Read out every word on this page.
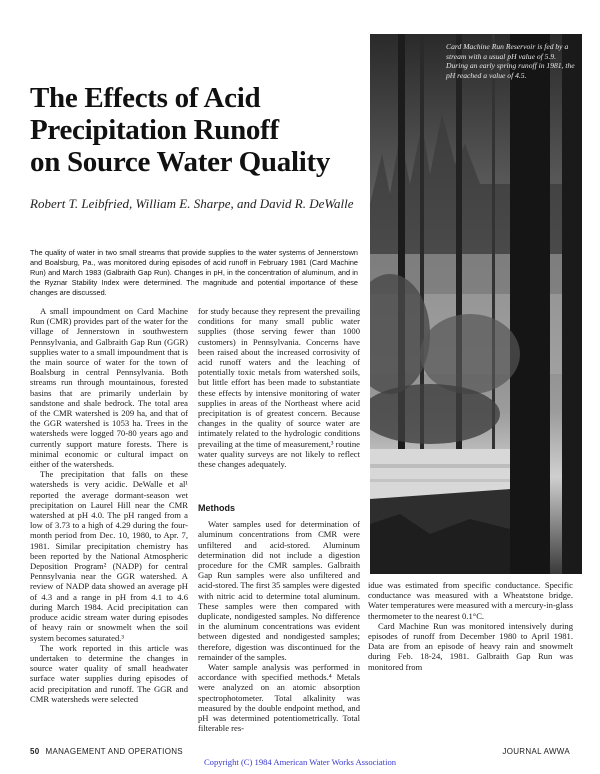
The Effects of Acid
Precipitation Runoff
on Source Water Quality
Robert T. Leibfried, William E. Sharpe, and David R. DeWalle
The quality of water in two small streams that provide supplies to the water systems of Jennerstown and Boalsburg, Pa., was monitored during episodes of acid runoff in February 1981 (Card Machine Run) and March 1983 (Galbraith Gap Run). Changes in pH, in the concentration of aluminum, and in the Ryznar Stability Index were determined. The magnitude and potential importance of these changes are discussed.

A small impoundment on Card Machine Run (CMR) provides part of the water for the village of Jennerstown in southwestern Pennsylvania, and Galbraith Gap Run (GGR) supplies water to a small impoundment that is the main source of water for the town of Boalsburg in central Pennsylvania. Both streams run through mountainous, forested basins that are primarily underlain by sandstone and shale bedrock. The total area of the CMR watershed is 209 ha, and that of the GGR watershed is 1053 ha. Trees in the watersheds were logged 70-80 years ago and currently support mature forests. There is minimal economic or cultural impact on either of the watersheds.

The precipitation that falls on these watersheds is very acidic. DeWalle et al¹ reported the average dormant-season wet precipitation on Laurel Hill near the CMR watershed at pH 4.0. The pH ranged from a low of 3.73 to a high of 4.29 during the four-month period from Dec. 10, 1980, to Apr. 7, 1981. Similar precipitation chemistry has been reported by the National Atmospheric Deposition Program² (NADP) for central Pennsylvania near the GGR watershed. A review of NADP data showed an average pH of 4.3 and a range in pH from 4.1 to 4.6 during March 1984. Acid precipitation can produce acidic stream water during episodes of heavy rain or snowmelt when the soil system becomes saturated.³

The work reported in this article was undertaken to determine the changes in source water quality of small headwater surface water supplies during episodes of acid precipitation and runoff. The GGR and CMR watersheds were selected

for study because they represent the prevailing conditions for many small public water supplies (those serving fewer than 1000 customers) in Pennsylvania. Concerns have been raised about the increased corrosivity of acid runoff waters and the leaching of potentially toxic metals from watershed soils, but little effort has been made to substantiate these effects by intensive monitoring of water supplies in areas of the Northeast where acid precipitation is of greatest concern. Because changes in the quality of source water are intimately related to the hydrologic conditions prevailing at the time of measurement,³ routine water quality surveys are not likely to reflect these changes adequately.

Methods

Water samples used for determination of aluminum concentrations from CMR were unfiltered and acid-stored. Aluminum determination did not include a digestion procedure for the CMR samples. Galbraith Gap Run samples were also unfiltered and acid-stored. The first 35 samples were digested with nitric acid to determine total aluminum. These samples were then compared with duplicate, nondigested samples. No difference in the aluminum concentrations was evident between digested and nondigested samples; therefore, digestion was discontinued for the remainder of the samples.

Water sample analysis was performed in accordance with specified methods.⁴ Metals were analyzed on an atomic absorption spectrophotometer. Total alkalinity was measured by the double endpoint method, and pH was determined potentiometrically. Total filterable res-

Card Machine Run Reservoir is fed by a stream with a usual pH value of 5.9. During an early spring runoff in 1981, the pH reached a value of 4.5.

idue was estimated from specific conductance. Specific conductance was measured with a Wheatstone bridge. Water temperatures were measured with a mercury-in-glass thermometer to the nearest 0.1°C.

Card Machine Run was monitored intensively during episodes of runoff from December 1980 to April 1981. Data are from an episode of heavy rain and snowmelt during Feb. 18-24, 1981. Galbraith Gap Run was monitored from

50 MANAGEMENT AND OPERATIONS
Copyright (C) 1984 American Water Works Association
JOURNAL AWWA
